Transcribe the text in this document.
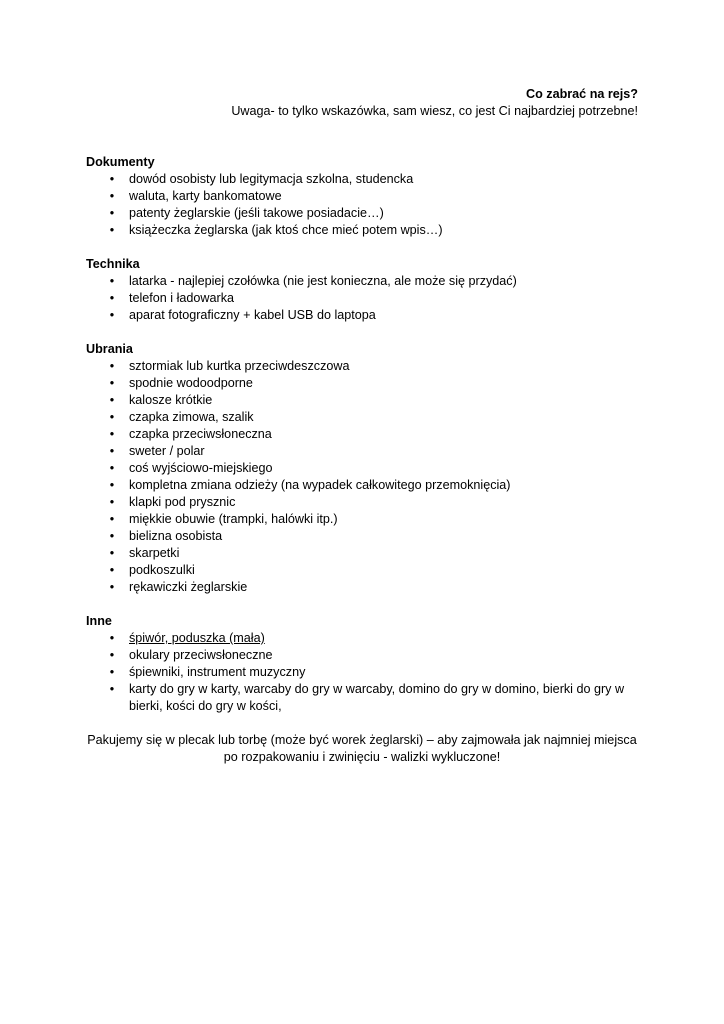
Co zabrać na rejs?
Uwaga- to tylko wskazówka, sam wiesz, co jest Ci najbardziej potrzebne!
Dokumenty
• dowód osobisty lub legitymacja szkolna, studencka
• waluta, karty bankomatowe
• patenty żeglarskie (jeśli takowe posiadacie…)
• książeczka żeglarska (jak ktoś chce mieć potem wpis…)
Technika
• latarka - najlepiej czołówka (nie jest konieczna, ale może się przydać)
• telefon i ładowarka
• aparat fotograficzny + kabel USB do laptopa
Ubrania
• sztormiak lub kurtka przeciwdeszczowa
• spodnie wodoodporne
• kalosze krótkie
• czapka zimowa, szalik
• czapka przeciwsłoneczna
• sweter / polar
• coś wyjściowo-miejskiego
• kompletna zmiana odzieży (na wypadek całkowitego przemoknięcia)
• klapki pod prysznic
• miękkie obuwie (trampki, halówki itp.)
• bielizna osobista
• skarpetki
• podkoszulki
• rękawiczki żeglarskie
Inne
• śpiwór, poduszka (mała)
• okulary przeciwsłoneczne
• śpiewniki, instrument muzyczny
• karty do gry w karty, warcaby do gry w warcaby, domino do gry w domino, bierki do gry w bierki, kości do gry w kości,
Pakujemy się w plecak lub torbę (może być worek żeglarski) – aby zajmowała jak najmniej miejsca po rozpakowaniu i zwinięciu - walizki wykluczone!
